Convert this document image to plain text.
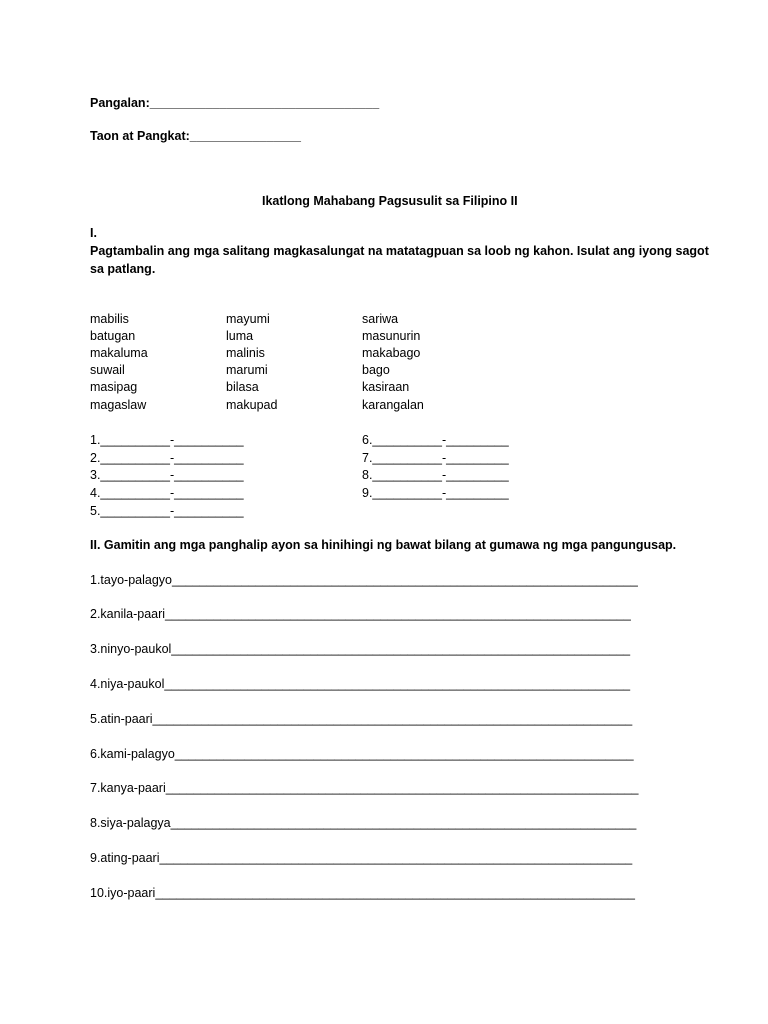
Pangalan:_________________________________
Taon at Pangkat:________________
Ikatlong Mahabang Pagsusulit sa Filipino II
I.
Pagtambalin ang mga salitang magkasalungat na matatagpuan sa loob ng kahon. Isulat ang iyong sagot
sa patlang.
mabilis
batugan
makaluma
suwail
masipag
magaslaw
mayumi
luma
malinis
marumi
bilasa
makupad
sariwa
masunurin
makabago
bago
kasiraan
karangalan
1.__________-__________
2.__________-__________
3.__________-__________
4.__________-__________
5.__________-__________
6.__________-_________
7.__________-_________
8.__________-_________
9.__________-_________
II. Gamitin ang mga panghalip ayon sa hinihingi ng bawat bilang at gumawa ng mga pangungusap.
1.tayo-palagyo___________________________________________________________________
2.kanila-paari___________________________________________________________________
3.ninyo-paukol__________________________________________________________________
4.niya-paukol___________________________________________________________________
5.atin-paari_____________________________________________________________________
6.kami-palagyo__________________________________________________________________
7.kanya-paari____________________________________________________________________
8.siya-palagya___________________________________________________________________
9.ating-paari____________________________________________________________________
10.iyo-paari_____________________________________________________________________
